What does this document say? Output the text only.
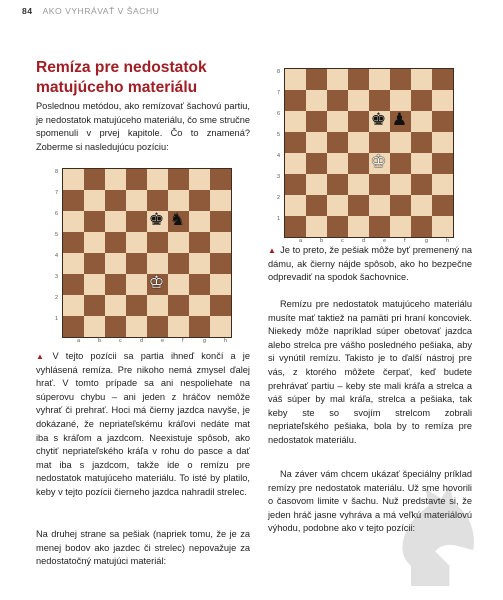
84 AKO VYHRÁVAŤ V ŠACHU
Remíza pre nedostatok matujúceho materiálu

Poslednou metódou, ako remízovať šachovú partiu, je nedostatok matujúceho materiálu, čo sme stručne spomenuli v prvej kapitole. Čo to znamená? Zoberme si nasledujúcu pozíciu:

8
7
6
5
4
3
2
1
a	b	c	d	e	f	g	h
♚ ♞
♔

▲ V tejto pozícii sa partia ihneď končí a je vyhlásená remíza. Pre nikoho nemá zmysel ďalej hrať. V tomto prípade sa ani nespoliehate na súperovu chybu – ani jeden z hráčov nemôže vyhrať či prehrať. Hoci má čierny jazdca navyše, je dokázané, že nepriateľskému kráľovi nedáte mat iba s kráľom a jazdcom. Neexistuje spôsob, ako chytiť nepriateľského kráľa v rohu do pasce a dať mat iba s jazdcom, takže ide o remízu pre nedostatok matujúceho materiálu. To isté by platilo, keby v tejto pozícii čierneho jazdca nahradil strelec.

Na druhej strane sa pešiak (napriek tomu, že je za menej bodov ako jazdec či strelec) nepovažuje za nedostatočný matujúci materiál:

8
7
6
5
4
3
2
1
a	b	c	d	e	f	g	h
♚ ♟
♔

▲ Je to preto, že pešiak môže byť premenený na dámu, ak čierny nájde spôsob, ako ho bezpečne odprevadiť na spodok šachovnice.

Remízu pre nedostatok matujúceho materiálu musíte mať taktiež na pamäti pri hraní koncoviek. Niekedy môže napríklad súper obetovať jazdca alebo strelca pre vášho posledného pešiaka, aby si vynútil remízu. Takisto je to ďalší nástroj pre vás, z ktorého môžete čerpať, keď budete prehrávať partiu – keby ste mali kráľa a strelca a váš súper by mal kráľa, strelca a pešiaka, tak keby ste so svojím strelcom zobrali nepriateľského pešiaka, bola by to remíza pre nedostatok materiálu.

Na záver vám chcem ukázať špeciálny príklad remízy pre nedostatok materiálu. Už sme hovorili o časovom limite v šachu. Nuž predstavte si, že jeden hráč jasne vyhráva a má veľkú materiálovú výhodu, podobne ako v tejto pozícii:
